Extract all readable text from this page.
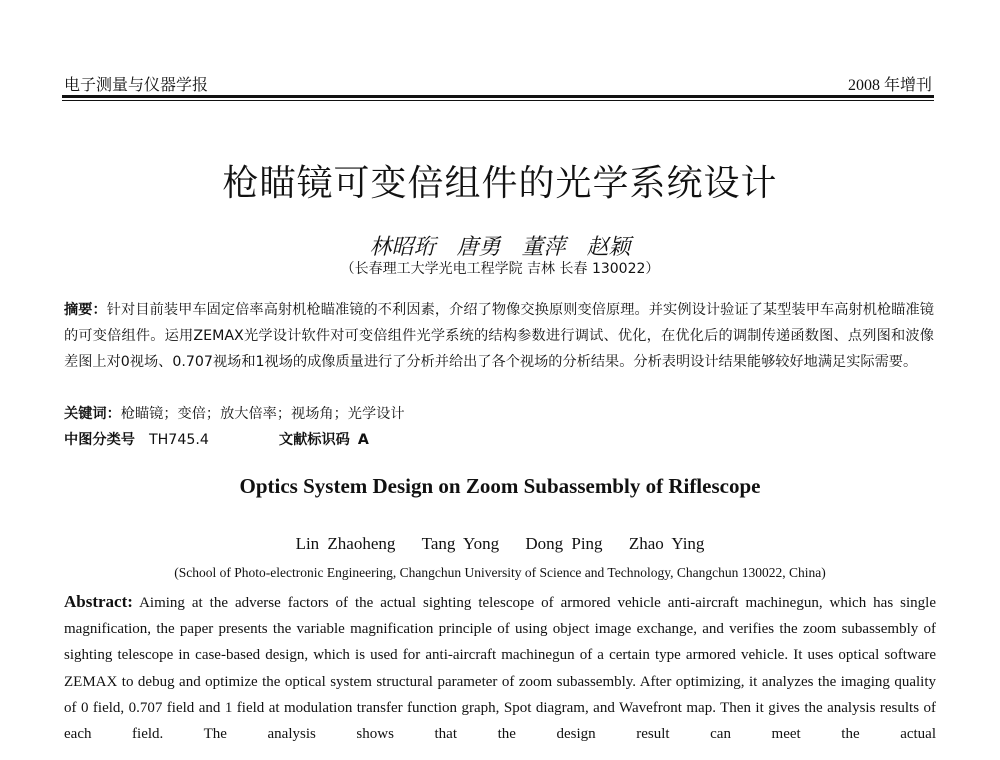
电子测量与仪器学报	2008 年增刊
枪瞄镜可变倍组件的光学系统设计
林昭珩 唐勇 董萍 赵颖
（长春理工大学光电工程学院 吉林 长春 130022）
摘要：针对目前装甲车固定倍率高射机枪瞄准镜的不利因素，介绍了物像交换原则变倍原理。并实例设计验证了某型装甲车高射机枪瞄准镜的可变倍组件。运用ZEMAX光学设计软件对可变倍组件光学系统的结构参数进行调试、优化，在优化后的调制传递函数图、点列图和波像差图上对0视场、0.707视场和1视场的成像质量进行了分析并给出了各个视场的分析结果。分析表明设计结果能够较好地满足实际需要。
关键词：枪瞄镜；变倍；放大倍率；视场角；光学设计
中图分类号 TH745.4	文献标识码 A
Optics System Design on Zoom Subassembly of Riflescope
Lin Zhaoheng Tang Yong Dong Ping Zhao Ying
(School of Photo-electronic Engineering, Changchun University of Science and Technology, Changchun 130022, China)
Abstract: Aiming at the adverse factors of the actual sighting telescope of armored vehicle anti-aircraft machinegun, which has single magnification, the paper presents the variable magnification principle of using object image exchange, and verifies the zoom subassembly of sighting telescope in case-based design, which is used for anti-aircraft machinegun of a certain type armored vehicle. It uses optical software ZEMAX to debug and optimize the optical system structural parameter of zoom subassembly. After optimizing, it analyzes the imaging quality of 0 field, 0.707 field and 1 field at modulation transfer function graph, Spot diagram, and Wavefront map. Then it gives the analysis results of each field. The analysis shows that the design result can meet the actual
